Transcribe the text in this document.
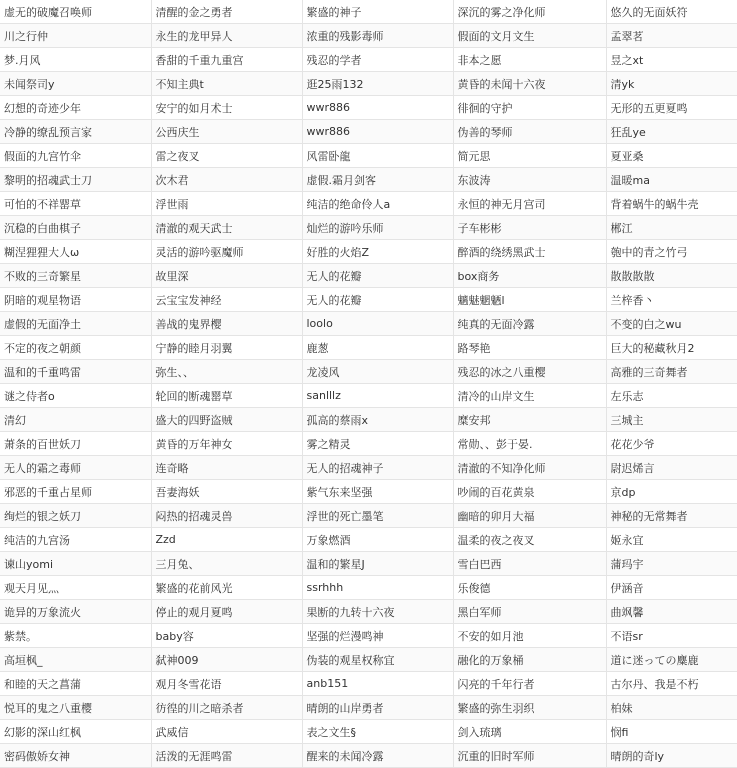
虚无的破魔召唤师	清醒的金之勇者	繁盛的神子	深沉的雾之净化师	悠久的无面妖符
川之行仲	永生的龙甲异人	浓重的残影毒师	假面的文月文生	孟翠茗
梦.月风	香甜的千重九重宫	残忍的学者	非本之愿	昱之xt
未闻祭司y	不知主典t	逛25雨132	黄昏的未闻十六夜	清yk
幻想的奇迹少年	安宁的如月术士	wwr886	徘徊的守护	无形的五更夏鸣
冷静的缭乱预言家	公西庆生	wwr886	伪善的琴师	狂乱ye
假面的九宫竹伞	雷之夜叉	风雷卧龍	简元思	夏亚桑
黎明的招魂武士刀	次木君	虚假.霜月剑客	东波涛	温暖ma
可怕的不祥罂草	浮世雨	纯洁的绝命伶人a	永恒的神无月宫司	背着蜗牛的蜗牛壳
沉稳的白曲棋子	清澈的观天武士	灿烂的游吟乐师	子车彬彬	郴江
糊涅狸狸大人ω	灵活的游吟驱魔师	好胜的火焰Z	醉酒的绕绣黑武士	匏中的青之竹弓
不败的三奇繁星	故里深	无人的花瓣	box商务	散散散散
阴暗的观星物语	云宝宝发神经	无人的花瓣	魑魅魍魉l	兰梓香丶
虚假的无面净土	善战的鬼界樱	loolo	纯真的无面冷露	不变的白之wu
不定的夜之朝颜	宁静的睦月羽翼	鹿葱	路琴艳	巨大的秘藏秋月2
温和的千重鸣雷	弥生、、	龙凌风	残忍的冰之八重樱	高雅的三奇舞者
谜之侍者o	轮回的断魂罂草	sanlllz	清冷的山岸文生	左乐志
清幻	盛大的四野盗贼	孤高的蔡雨x	糜安邦	三城主
萧条的百世妖刀	黄昏的万年神女	雾之精灵	常勋、、彭于晏.	花花少爷
无人的霜之毒师	连奇略	无人的招魂神子	清澈的不知净化师	尉迟烯言
邪恶的千重占星师	吾妻海妖	紫气东来坚强	吵闹的百花黄泉	京dp
绚烂的银之妖刀	闷热的招魂灵兽	浮世的死亡墨笔	幽暗的卯月大福	神秘的无常舞者
纯洁的九宫汤	Zzd	万象燃酒	温柔的夜之夜叉	姬永宜
谏山yomi	三月兔、	温和的繁星J	雪白巴西	蒲玛宇
观天月见灬	繁盛的花前风光	ssrhhh	乐俊德	伊涵音
诡异的万象流火	停止的观月夏鸣	果断的九转十六夜	黑白军师	曲飒馨
紫禁。	baby容	坚强的烂漫鸣神	不安的如月池	不语sr
高垣枫_	弑神009	伪装的观星权称宜	融化的万象桶	道に迷っての麋鹿
和睦的天之菖蒲	观月冬雪花语	anb151	闪亮的千年行者	古尔丹、我是不朽
悦耳的鬼之八重樱	彷徨的川之暗杀者	晴朗的山岸勇者	繁盛的弥生羽织	柏妹
幻影的深山红枫	武威信	表之文生§	剑入琉璃	悯fi
密码傲娇女神	活泼的无涯鸣雷	醒来的未闻冷露	沉重的旧时军师	晴朗的奇ly
